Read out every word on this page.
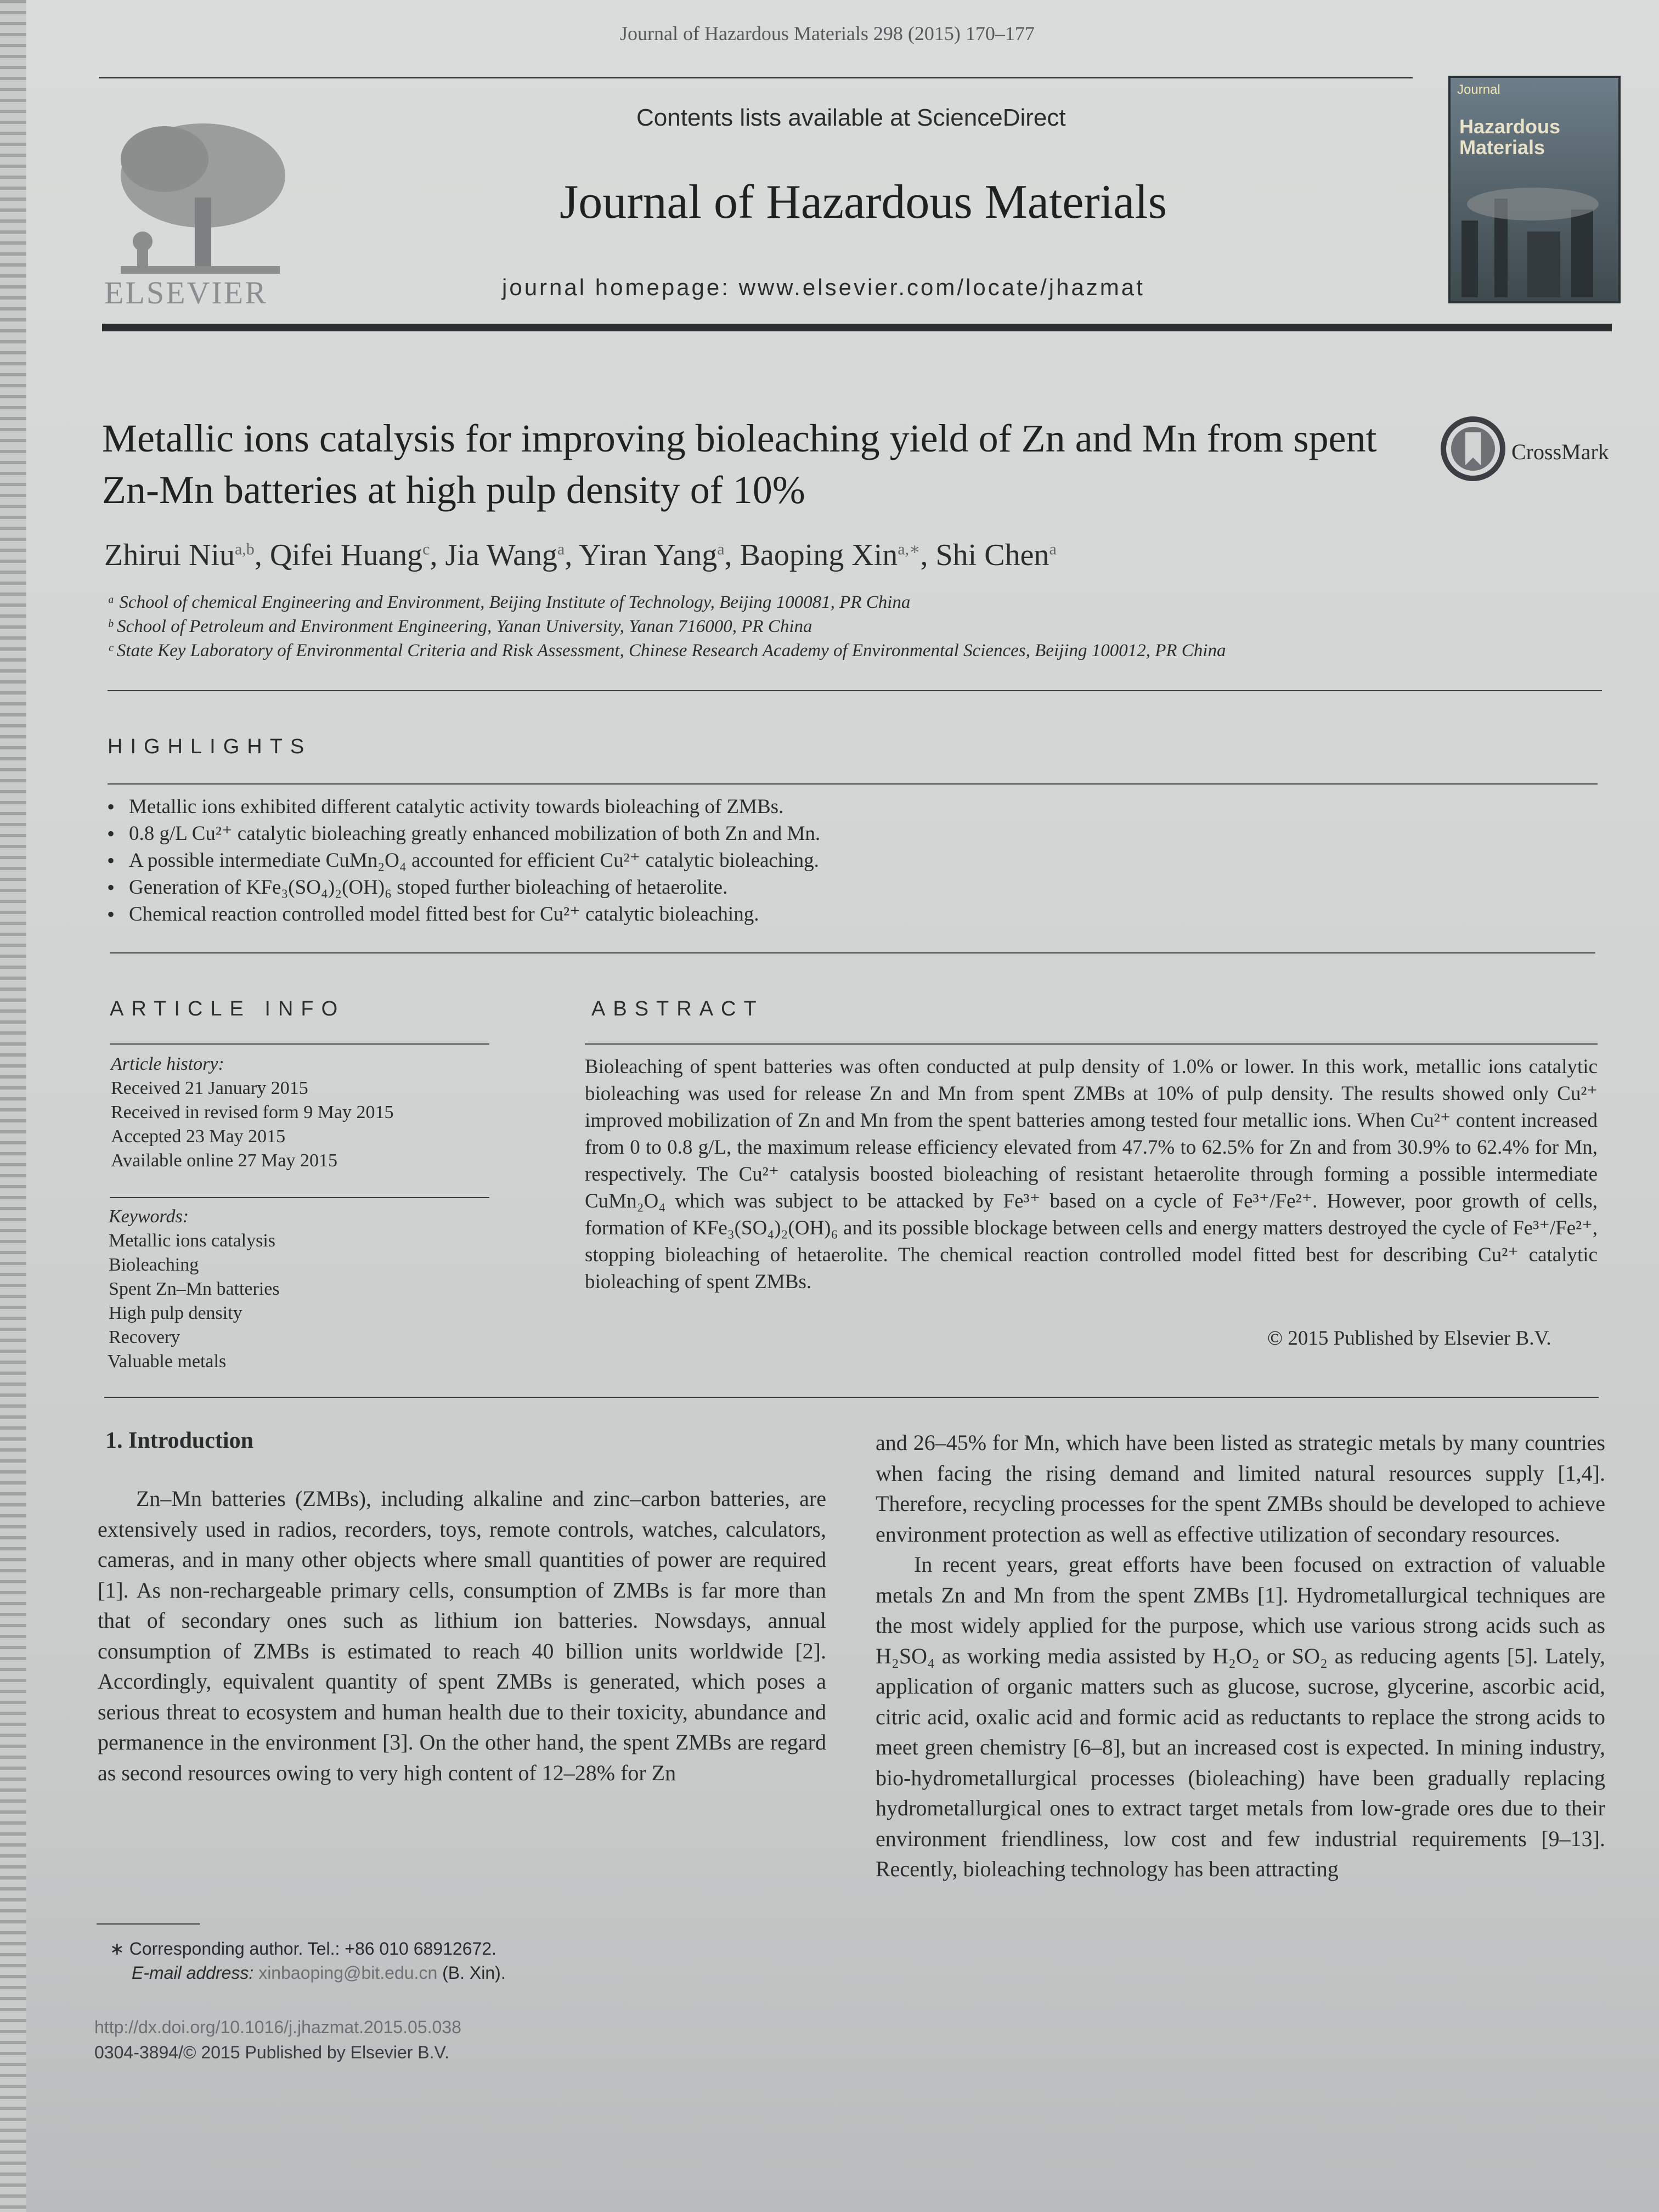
Journal of Hazardous Materials 298 (2015) 170–177
ELSEVIER
Contents lists available at ScienceDirect
Journal of Hazardous Materials
journal homepage: www.elsevier.com/locate/jhazmat
Journal
Hazardous Materials
CrossMark
Metallic ions catalysis for improving bioleaching yield of Zn and Mn from spent Zn-Mn batteries at high pulp density of 10%
Zhirui Niu$^{a,b}$, Qifei Huang$^c$, Jia Wang$^a$, Yiran Yang$^a$, Baoping Xin$^{a,∗}$, Shi Chen$^a$
ᵃ School of chemical Engineering and Environment, Beijing Institute of Technology, Beijing 100081, PR China
ᵇ School of Petroleum and Environment Engineering, Yanan University, Yanan 716000, PR China
ᶜ State Key Laboratory of Environmental Criteria and Risk Assessment, Chinese Research Academy of Environmental Sciences, Beijing 100012, PR China
HIGHLIGHTS
• Metallic ions exhibited different catalytic activity towards bioleaching of ZMBs.
• 0.8 g/L Cu²⁺ catalytic bioleaching greatly enhanced mobilization of both Zn and Mn.
• A possible intermediate CuMn₂O₄ accounted for efficient Cu²⁺ catalytic bioleaching.
• Generation of KFe₃(SO₄)₂(OH)₆ stoped further bioleaching of hetaerolite.
• Chemical reaction controlled model fitted best for Cu²⁺ catalytic bioleaching.
ARTICLE INFO
Article history:
Received 21 January 2015
Received in revised form 9 May 2015
Accepted 23 May 2015
Available online 27 May 2015
Keywords:
Metallic ions catalysis
Bioleaching
Spent Zn–Mn batteries
High pulp density
Recovery
Valuable metals
ABSTRACT
Bioleaching of spent batteries was often conducted at pulp density of 1.0% or lower. In this work, metallic ions catalytic bioleaching was used for release Zn and Mn from spent ZMBs at 10% of pulp density. The results showed only Cu²⁺ improved mobilization of Zn and Mn from the spent batteries among tested four metallic ions. When Cu²⁺ content increased from 0 to 0.8 g/L, the maximum release efficiency elevated from 47.7% to 62.5% for Zn and from 30.9% to 62.4% for Mn, respectively. The Cu²⁺ catalysis boosted bioleaching of resistant hetaerolite through forming a possible intermediate CuMn₂O₄ which was subject to be attacked by Fe³⁺ based on a cycle of Fe³⁺/Fe²⁺. However, poor growth of cells, formation of KFe₃(SO₄)₂(OH)₆ and its possible blockage between cells and energy matters destroyed the cycle of Fe³⁺/Fe²⁺, stopping bioleaching of hetaerolite. The chemical reaction controlled model fitted best for describing Cu²⁺ catalytic bioleaching of spent ZMBs.
© 2015 Published by Elsevier B.V.
1. Introduction

Zn–Mn batteries (ZMBs), including alkaline and zinc–carbon batteries, are extensively used in radios, recorders, toys, remote controls, watches, calculators, cameras, and in many other objects where small quantities of power are required [1]. As non-rechargeable primary cells, consumption of ZMBs is far more than that of secondary ones such as lithium ion batteries. Nowsdays, annual consumption of ZMBs is estimated to reach 40 billion units worldwide [2]. Accordingly, equivalent quantity of spent ZMBs is generated, which poses a serious threat to ecosystem and human health due to their toxicity, abundance and permanence in the environment [3]. On the other hand, the spent ZMBs are regard as second resources owing to very high content of 12–28% for Zn

and 26–45% for Mn, which have been listed as strategic metals by many countries when facing the rising demand and limited natural resources supply [1,4]. Therefore, recycling processes for the spent ZMBs should be developed to achieve environment protection as well as effective utilization of secondary resources.

In recent years, great efforts have been focused on extraction of valuable metals Zn and Mn from the spent ZMBs [1]. Hydrometallurgical techniques are the most widely applied for the purpose, which use various strong acids such as H₂SO₄ as working media assisted by H₂O₂ or SO₂ as reducing agents [5]. Lately, application of organic matters such as glucose, sucrose, glycerine, ascorbic acid, citric acid, oxalic acid and formic acid as reductants to replace the strong acids to meet green chemistry [6–8], but an increased cost is expected. In mining industry, bio-hydrometallurgical processes (bioleaching) have been gradually replacing hydrometallurgical ones to extract target metals from low-grade ores due to their environment friendliness, low cost and few industrial requirements [9–13]. Recently, bioleaching technology has been attracting

∗ Corresponding author. Tel.: +86 010 68912672.
E-mail address: xinbaoping@bit.edu.cn (B. Xin).
http://dx.doi.org/10.1016/j.jhazmat.2015.05.038
0304-3894/© 2015 Published by Elsevier B.V.
